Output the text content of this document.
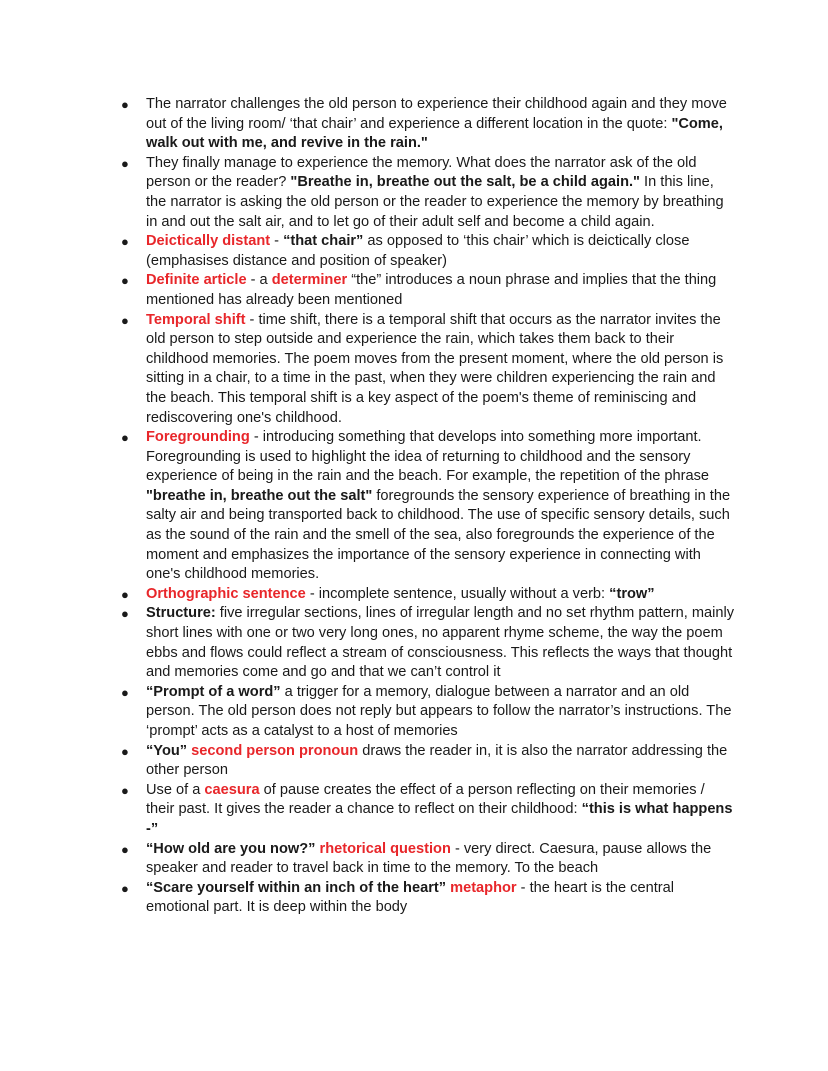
●	The narrator challenges the old person to experience their childhood again and they move out of the living room/ ‘that chair’ and experience a different location in the quote: "Come, walk out with me, and revive in the rain."
●	They finally manage to experience the memory. What does the narrator ask of the old person or the reader? "Breathe in, breathe out the salt, be a child again." In this line, the narrator is asking the old person or the reader to experience the memory by breathing in and out the salt air, and to let go of their adult self and become a child again.
●	Deictically distant - “that chair” as opposed to ‘this chair’ which is deictically close (emphasises distance and position of speaker)
●	Definite article - a determiner “the” introduces a noun phrase and implies that the thing mentioned has already been mentioned
●	Temporal shift - time shift, there is a temporal shift that occurs as the narrator invites the old person to step outside and experience the rain, which takes them back to their childhood memories. The poem moves from the present moment, where the old person is sitting in a chair, to a time in the past, when they were children experiencing the rain and the beach. This temporal shift is a key aspect of the poem's theme of reminiscing and rediscovering one's childhood.
●	Foregrounding - introducing something that develops into something more important. Foregrounding is used to highlight the idea of returning to childhood and the sensory experience of being in the rain and the beach. For example, the repetition of the phrase "breathe in, breathe out the salt" foregrounds the sensory experience of breathing in the salty air and being transported back to childhood. The use of specific sensory details, such as the sound of the rain and the smell of the sea, also foregrounds the experience of the moment and emphasizes the importance of the sensory experience in connecting with one's childhood memories.
●	Orthographic sentence - incomplete sentence, usually without a verb: “trow”
●	Structure: five irregular sections, lines of irregular length and no set rhythm pattern, mainly short lines with one or two very long ones, no apparent rhyme scheme, the way the poem ebbs and flows could reflect a stream of consciousness. This reflects the ways that thought and memories come and go and that we can’t control it
●	“Prompt of a word” a trigger for a memory, dialogue between a narrator and an old person. The old person does not reply but appears to follow the narrator’s instructions. The ‘prompt’ acts as a catalyst to a host of memories
●	“You” second person pronoun draws the reader in, it is also the narrator addressing the other person
●	Use of a caesura of pause creates the effect of a person reflecting on their memories / their past. It gives the reader a chance to reflect on their childhood: “this is what happens -”
●	“How old are you now?” rhetorical question - very direct. Caesura, pause allows the speaker and reader to travel back in time to the memory. To the beach
●	“Scare yourself within an inch of the heart” metaphor - the heart is the central emotional part. It is deep within the body
